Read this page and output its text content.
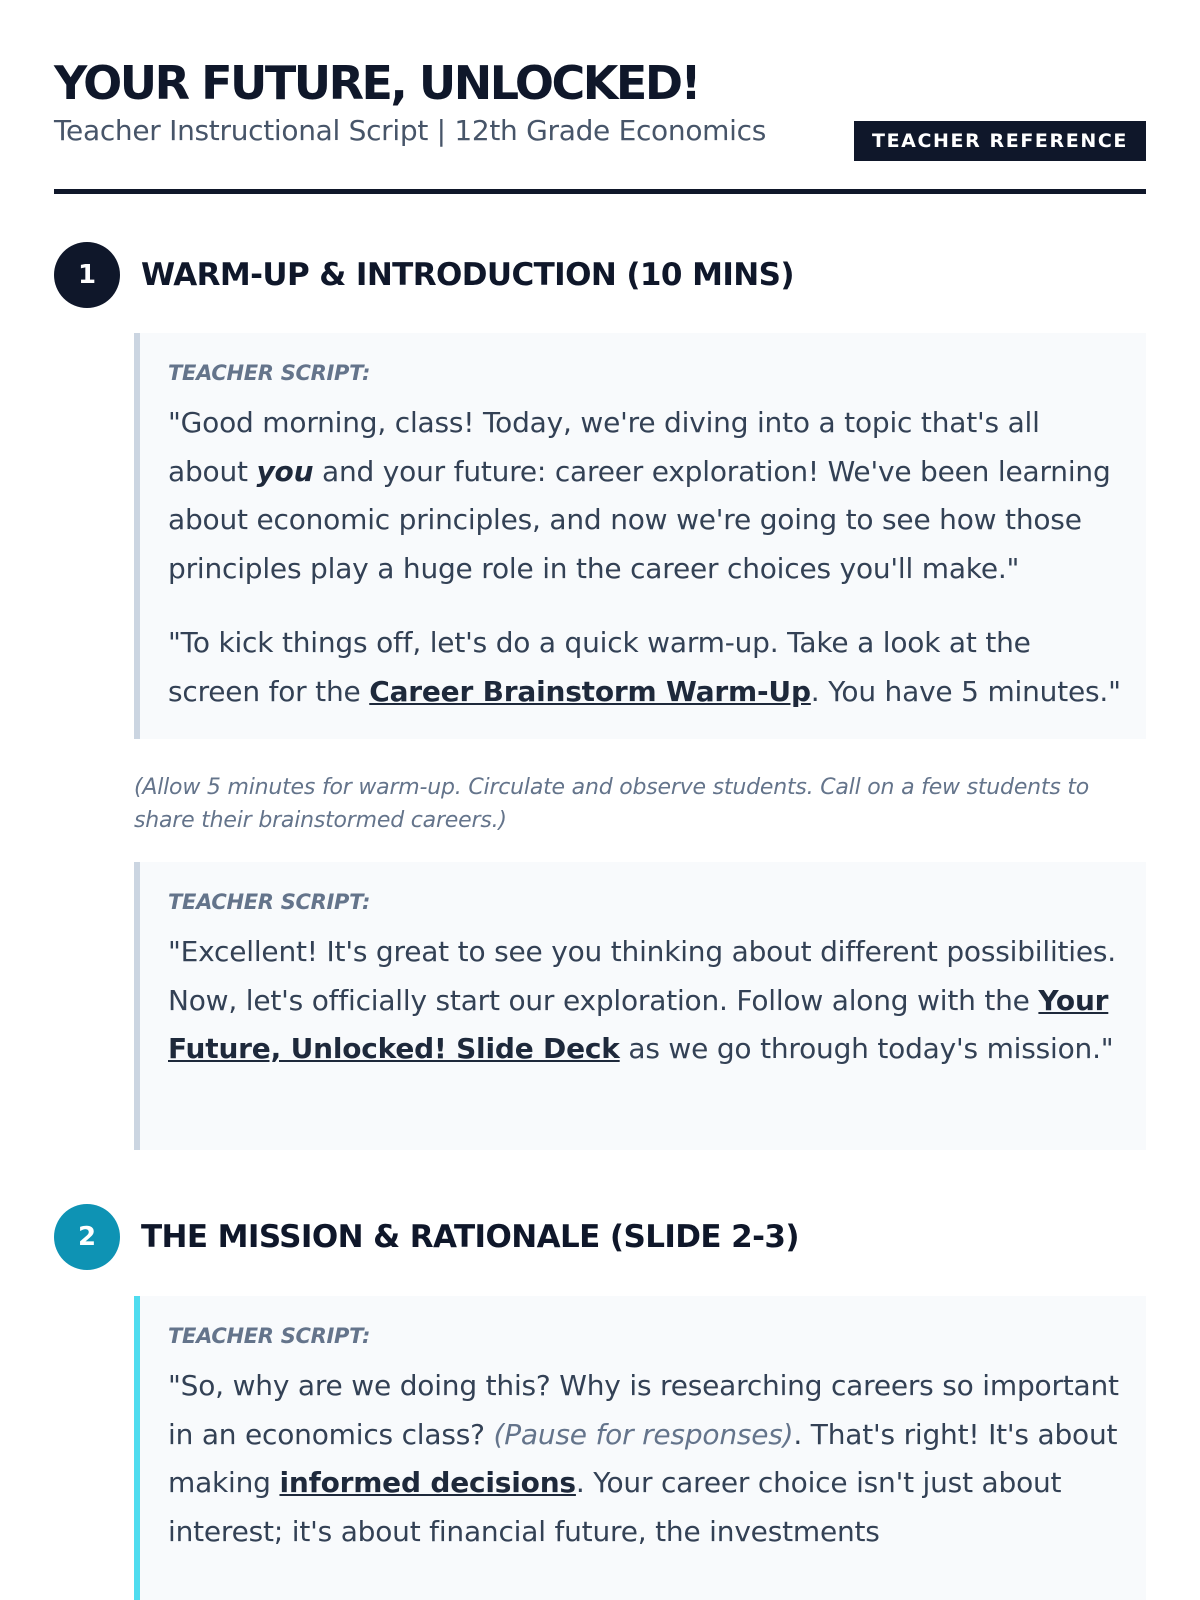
YOUR FUTURE, UNLOCKED!
Teacher Instructional Script | 12th Grade Economics	TEACHER REFERENCE
1	WARM-UP & INTRODUCTION (10 MINS)
TEACHER SCRIPT:

"Good morning, class! Today, we're diving into a topic that's all about you and your future: career exploration! We've been learning about economic principles, and now we're going to see how those principles play a huge role in the career choices you'll make."

"To kick things off, let's do a quick warm-up. Take a look at the screen for the Career Brainstorm Warm-Up. You have 5 minutes."

(Allow 5 minutes for warm-up. Circulate and observe students. Call on a few students to share their brainstormed careers.)
TEACHER SCRIPT:

"Excellent! It's great to see you thinking about different possibilities. Now, let's officially start our exploration. Follow along with the Your Future, Unlocked! Slide Deck as we go through today's mission."

2	THE MISSION & RATIONALE (SLIDE 2-3)
TEACHER SCRIPT:

"So, why are we doing this? Why is researching careers so important in an economics class? (Pause for responses). That's right! It's about making informed decisions. Your career choice isn't just about interest; it's about financial future, the investments
